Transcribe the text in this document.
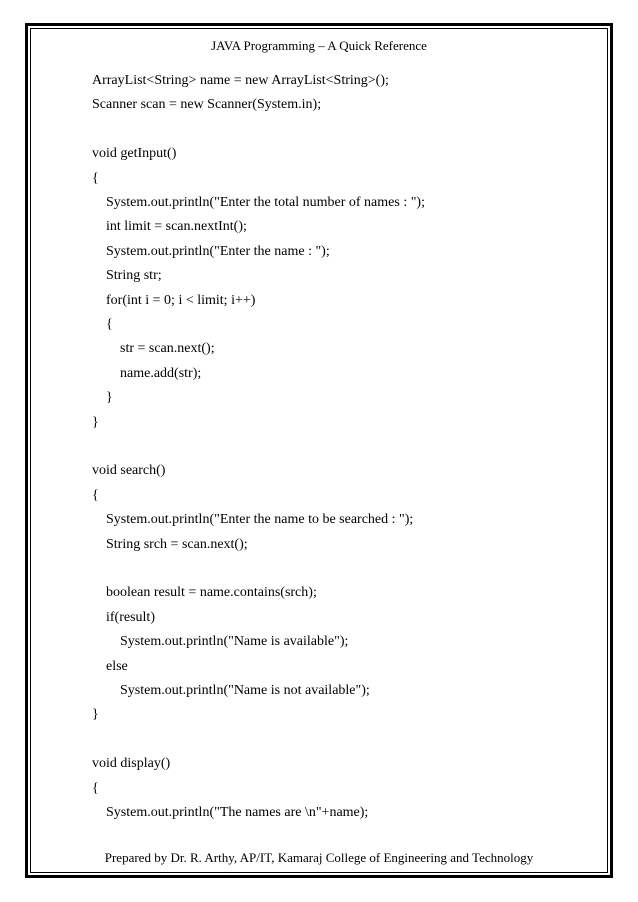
JAVA Programming – A Quick Reference
ArrayList<String> name = new ArrayList<String>();
Scanner scan = new Scanner(System.in);
void getInput()
{
System.out.println("Enter the total number of names : ");
int limit = scan.nextInt();
System.out.println("Enter the name : ");
String str;
for(int i = 0; i < limit; i++)
{
str = scan.next();
name.add(str);
}
}
void search()
{
System.out.println("Enter the name to be searched : ");
String srch = scan.next();
boolean result = name.contains(srch);
if(result)
System.out.println("Name is available");
else
System.out.println("Name is not available");
}
void display()
{
System.out.println("The names are \n"+name);
Prepared by Dr. R. Arthy, AP/IT, Kamaraj College of Engineering and Technology
